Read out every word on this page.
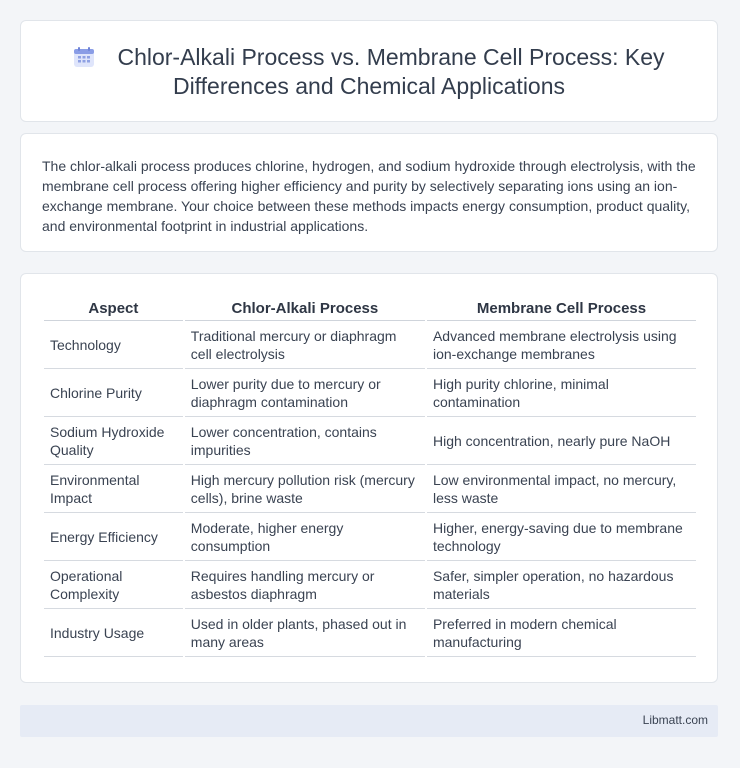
Chlor-Alkali Process vs. Membrane Cell Process: Key Differences and Chemical Applications
The chlor-alkali process produces chlorine, hydrogen, and sodium hydroxide through electrolysis, with the membrane cell process offering higher efficiency and purity by selectively separating ions using an ion-exchange membrane. Your choice between these methods impacts energy consumption, product quality, and environmental footprint in industrial applications.
Aspect	Chlor-Alkali Process	Membrane Cell Process
Technology	Traditional mercury or diaphragm cell electrolysis	Advanced membrane electrolysis using ion-exchange membranes
Chlorine Purity	Lower purity due to mercury or diaphragm contamination	High purity chlorine, minimal contamination
Sodium Hydroxide Quality	Lower concentration, contains impurities	High concentration, nearly pure NaOH
Environmental Impact	High mercury pollution risk (mercury cells), brine waste	Low environmental impact, no mercury, less waste
Energy Efficiency	Moderate, higher energy consumption	Higher, energy-saving due to membrane technology
Operational Complexity	Requires handling mercury or asbestos diaphragm	Safer, simpler operation, no hazardous materials
Industry Usage	Used in older plants, phased out in many areas	Preferred in modern chemical manufacturing
Libmatt.com
